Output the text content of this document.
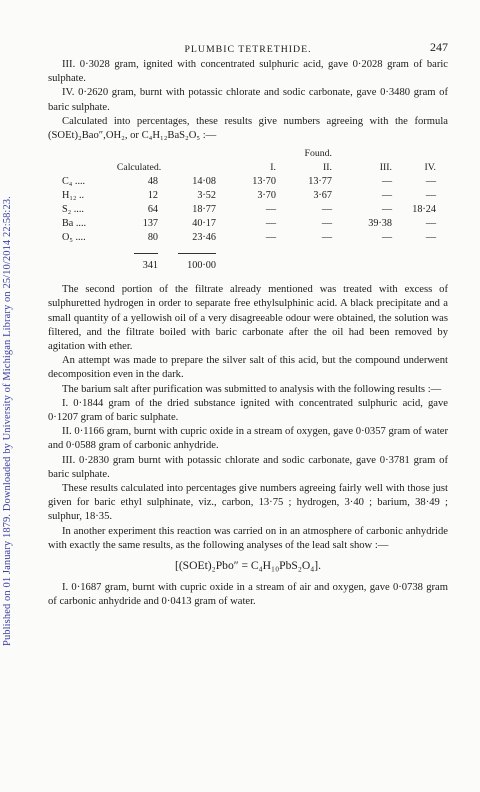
Published on 01 January 1879. Downloaded by University of Michigan Library on 25/10/2014 22:58:23.
PLUMBIC TETRETHIDE.	247

III. 0·3028 gram, ignited with concentrated sulphuric acid, gave 0·2028 gram of baric sulphate.

IV. 0·2620 gram, burnt with potassic chlorate and sodic carbonate, gave 0·3480 gram of baric sulphate.

Calculated into percentages, these results give numbers agreeing with the formula (SOEt)₂Bao″,OH₂, or C₄H₁₂BaS₂O₅ :—

				Found.		
Calculated.			I.	II.	III.	IV.
C₄ ....	48	14·08	13·70	13·77	—	—
H₁₂ ..	12	3·52	3·70	3·67	—	—
S₂ ....	64	18·77	—	—	—	18·24
Ba ....	137	40·17	—	—	39·38	—
O₅ ....	80	23·46	—	—	—	—

	341	100·00				

The second portion of the filtrate already mentioned was treated with excess of sulphuretted hydrogen in order to separate free ethylsulphinic acid. A black precipitate and a small quantity of a yellowish oil of a very disagreeable odour were obtained, the solution was filtered, and the filtrate boiled with baric carbonate after the oil had been removed by agitation with ether.

An attempt was made to prepare the silver salt of this acid, but the compound underwent decomposition even in the dark.

The barium salt after purification was submitted to analysis with the following results :—

I. 0·1844 gram of the dried substance ignited with concentrated sulphuric acid, gave 0·1207 gram of baric sulphate.

II. 0·1166 gram, burnt with cupric oxide in a stream of oxygen, gave 0·0357 gram of water and 0·0588 gram of carbonic anhydride.

III. 0·2830 gram burnt with potassic chlorate and sodic carbonate, gave 0·3781 gram of baric sulphate.

These results calculated into percentages give numbers agreeing fairly well with those just given for baric ethyl sulphinate, viz., carbon, 13·75 ; hydrogen, 3·40 ; barium, 38·49 ; sulphur, 18·35.

In another experiment this reaction was carried on in an atmosphere of carbonic anhydride with exactly the same results, as the following analyses of the lead salt show :—

[(SOEt)₂Pbo″ = C₄H₁₀PbS₂O₄].

I. 0·1687 gram, burnt with cupric oxide in a stream of air and oxygen, gave 0·0738 gram of carbonic anhydride and 0·0413 gram of water.
